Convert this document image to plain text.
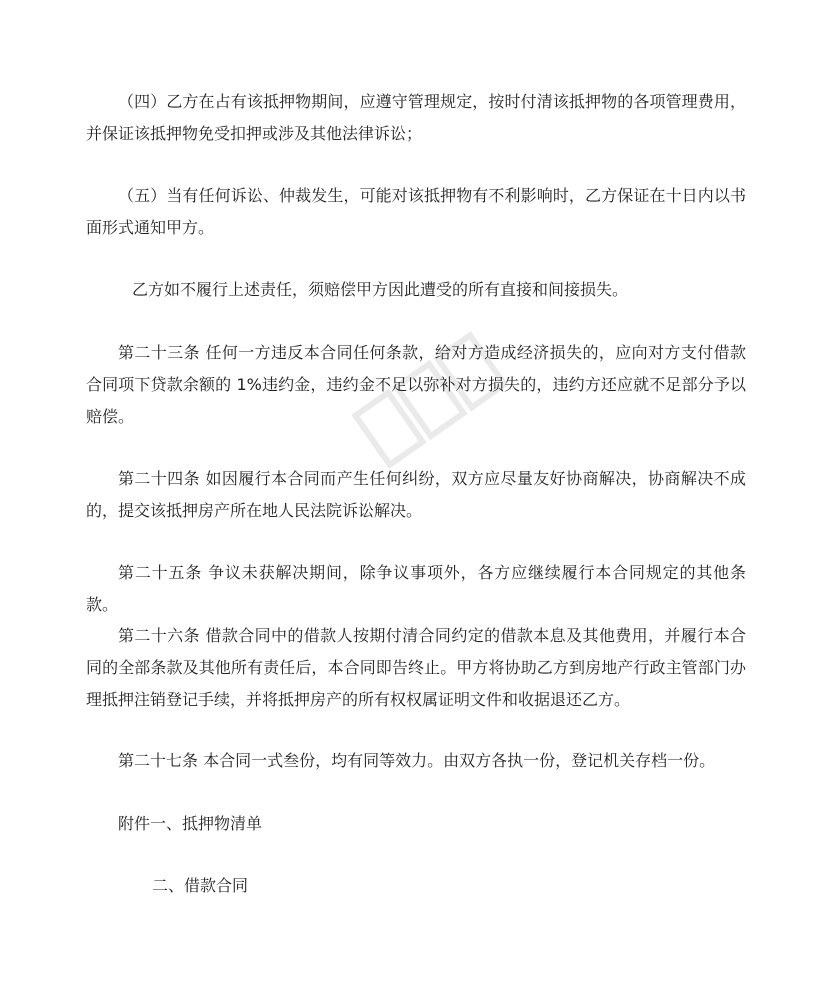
（四）乙方在占有该抵押物期间，应遵守管理规定，按时付清该抵押物的各项管理费用，并保证该抵押物免受扣押或涉及其他法律诉讼；

（五）当有任何诉讼、仲裁发生，可能对该抵押物有不利影响时，乙方保证在十日内以书面形式通知甲方。

乙方如不履行上述责任，须赔偿甲方因此遭受的所有直接和间接损失。

第二十三条 任何一方违反本合同任何条款，给对方造成经济损失的，应向对方支付借款合同项下贷款余额的 1%违约金，违约金不足以弥补对方损失的，违约方还应就不足部分予以赔偿。

第二十四条 如因履行本合同而产生任何纠纷，双方应尽量友好协商解决，协商解决不成的，提交该抵押房产所在地人民法院诉讼解决。

第二十五条 争议未获解决期间，除争议事项外，各方应继续履行本合同规定的其他条款。

第二十六条 借款合同中的借款人按期付清合同约定的借款本息及其他费用，并履行本合同的全部条款及其他所有责任后，本合同即告终止。甲方将协助乙方到房地产行政主管部门办理抵押注销登记手续，并将抵押房产的所有权权属证明文件和收据退还乙方。

第二十七条 本合同一式叁份，均有同等效力。由双方各执一份，登记机关存档一份。

附件一、抵押物清单

二、借款合同
